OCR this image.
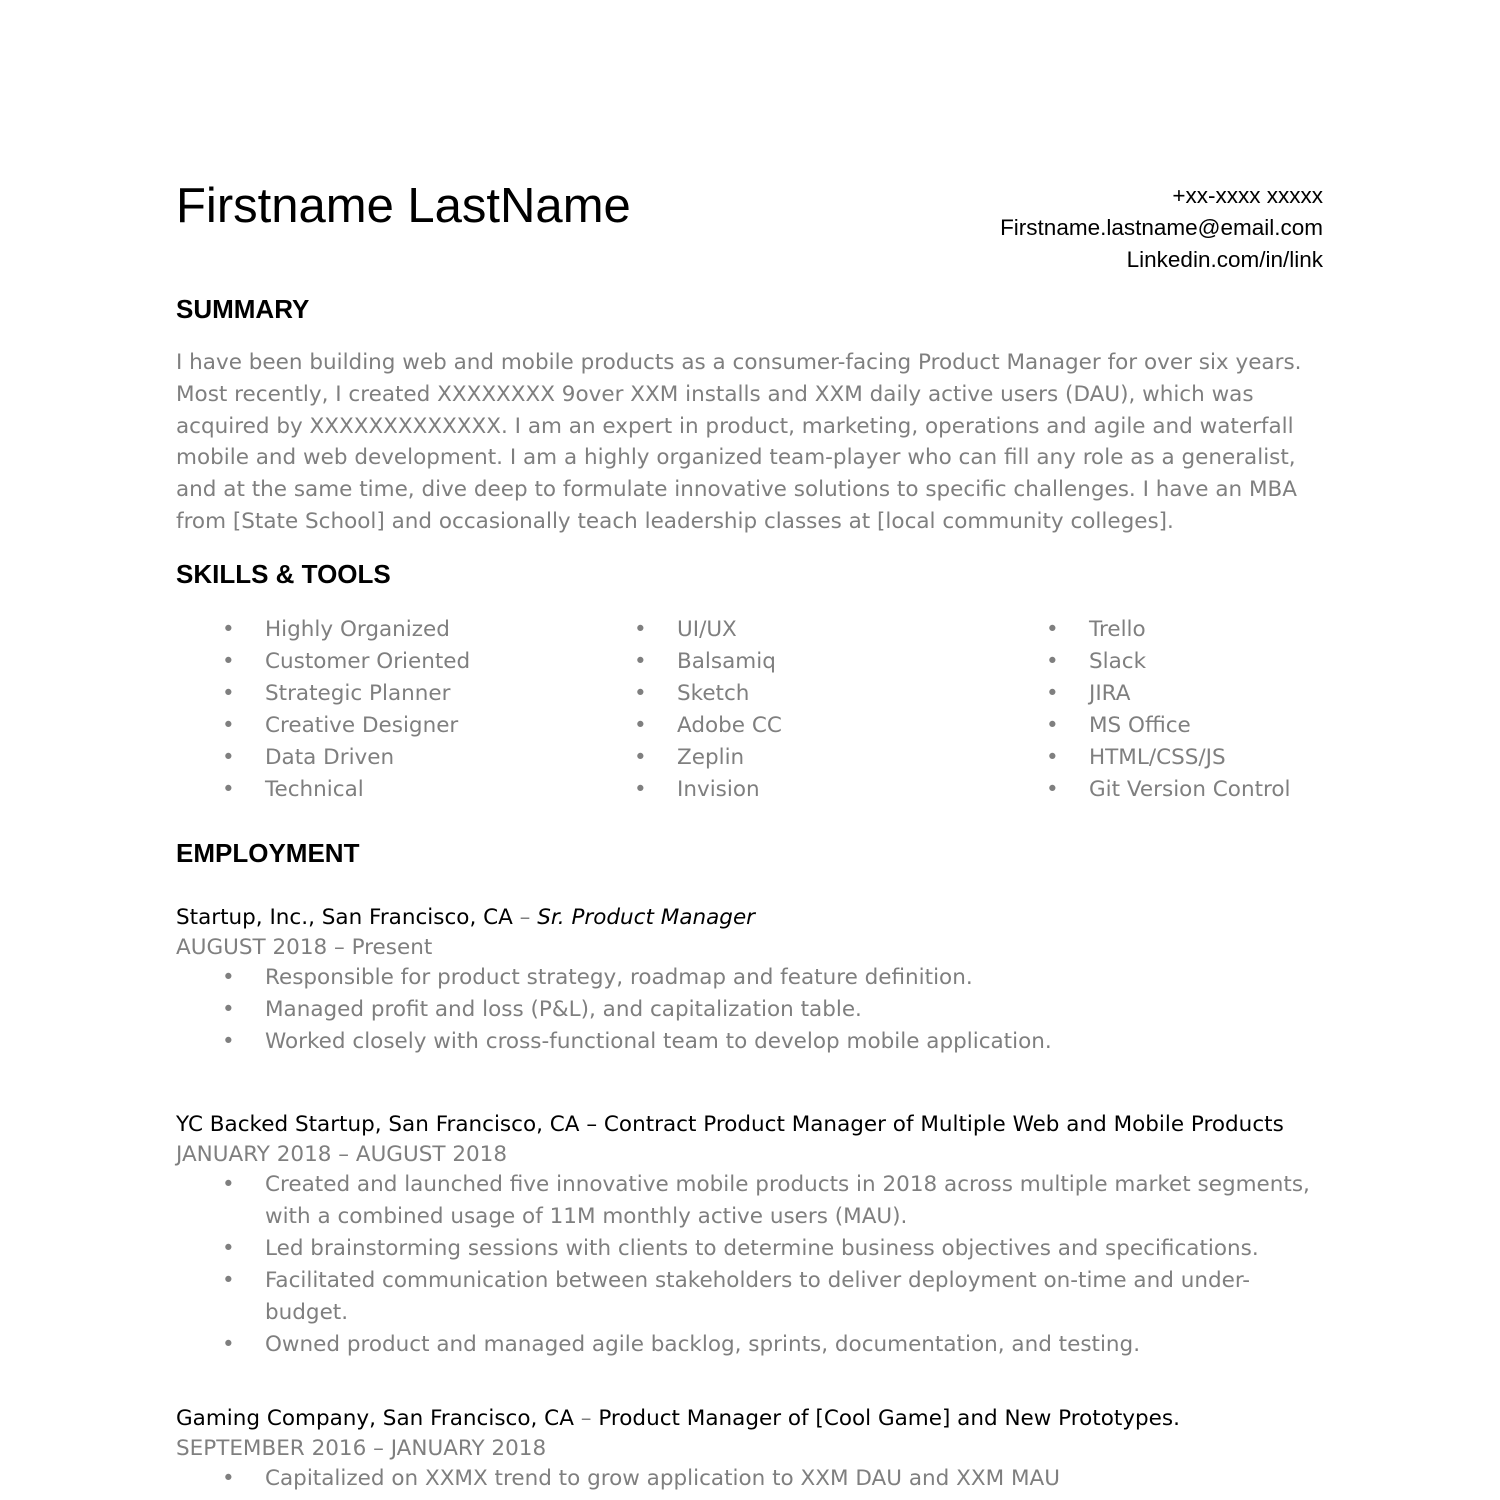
Firstname LastName	+xx-xxxx xxxxx
Firstname.lastname@email.com
Linkedin.com/in/link
SUMMARY
I have been building web and mobile products as a consumer-facing Product Manager for over six years. Most recently, I created XXXXXXXX 9over XXM installs and XXM daily active users (DAU), which was acquired by XXXXXXXXXXXXX. I am an expert in product, marketing, operations and agile and waterfall mobile and web development. I am a highly organized team-player who can fill any role as a generalist, and at the same time, dive deep to formulate innovative solutions to specific challenges. I have an MBA from [State School] and occasionally teach leadership classes at [local community colleges].
SKILLS & TOOLS
• Highly Organized
• Customer Oriented
• Strategic Planner
• Creative Designer
• Data Driven
• Technical
• UI/UX
• Balsamiq
• Sketch
• Adobe CC
• Zeplin
• Invision
• Trello
• Slack
• JIRA
• MS Office
• HTML/CSS/JS
• Git Version Control
EMPLOYMENT
Startup, Inc., San Francisco, CA – Sr. Product Manager
AUGUST 2018 – Present
• Responsible for product strategy, roadmap and feature definition.
• Managed profit and loss (P&L), and capitalization table.
• Worked closely with cross-functional team to develop mobile application.
YC Backed Startup, San Francisco, CA – Contract Product Manager of Multiple Web and Mobile Products
JANUARY 2018 – AUGUST 2018
• Created and launched five innovative mobile products in 2018 across multiple market segments, with a combined usage of 11M monthly active users (MAU).
• Led brainstorming sessions with clients to determine business objectives and specifications.
• Facilitated communication between stakeholders to deliver deployment on-time and under-budget.
• Owned product and managed agile backlog, sprints, documentation, and testing.
Gaming Company, San Francisco, CA – Product Manager of [Cool Game] and New Prototypes.
SEPTEMBER 2016 – JANUARY 2018
• Capitalized on XXMX trend to grow application to XXM DAU and XXM MAU
